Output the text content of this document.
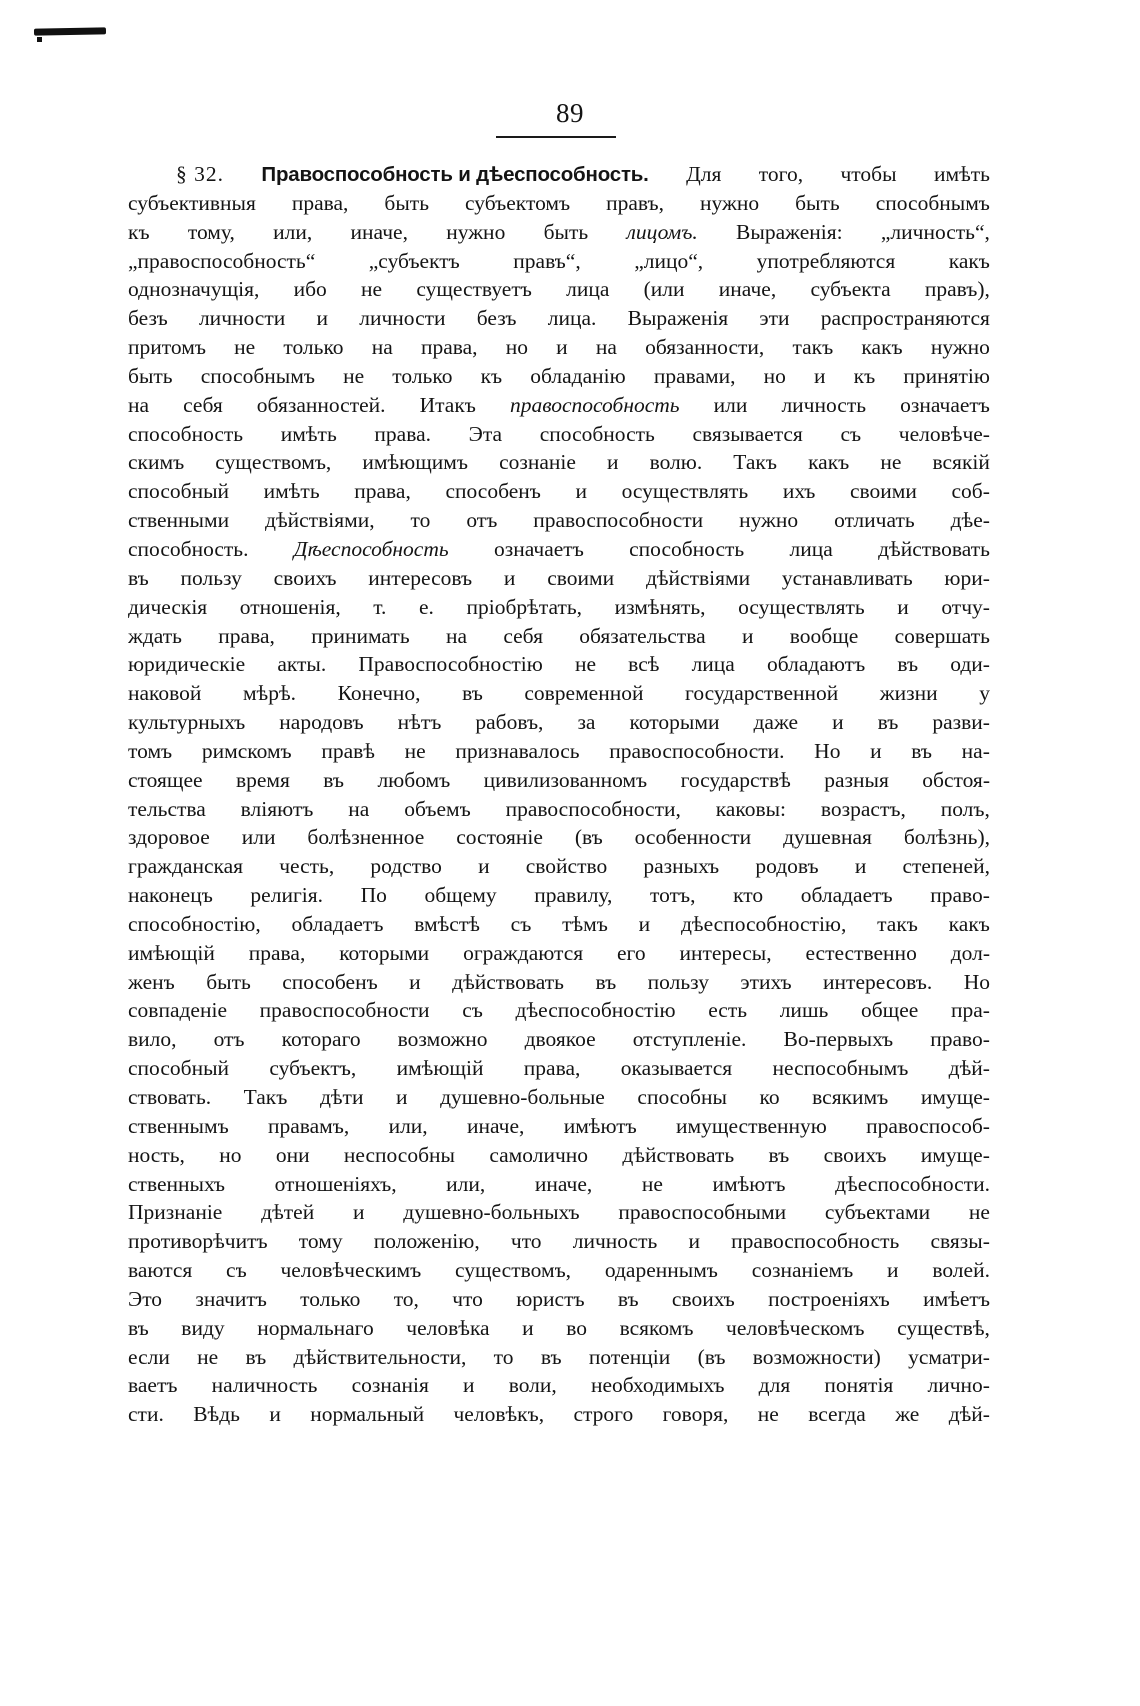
89
§ 32. Правоспособность и дѣеспособность. Для того, чтобы имѣть
субъективныя права, быть субъектомъ правъ, нужно быть способнымъ
къ тому, или, иначе, нужно быть лицомъ. Выраженія: „личность“,
„правоспособность“ „субъектъ правъ“, „лицо“, употребляются какъ
однозначущія, ибо не существуетъ лица (или иначе, субъекта правъ),
безъ личности и личности безъ лица. Выраженія эти распространяются
притомъ не только на права, но и на обязанности, такъ какъ нужно
быть способнымъ не только къ обладанію правами, но и къ принятію
на себя обязанностей. Итакъ правоспособность или личность означаетъ
способность имѣть права. Эта способность связывается съ человѣче-
скимъ существомъ, имѣющимъ сознаніе и волю. Такъ какъ не всякій
способный имѣть права, способенъ и осуществлять ихъ своими соб-
ственными дѣйствіями, то отъ правоспособности нужно отличать дѣе-
способность. Дѣеспособность означаетъ способность лица дѣйствовать
въ пользу своихъ интересовъ и своими дѣйствіями устанавливать юри-
дическія отношенія, т. е. пріобрѣтать, измѣнять, осуществлять и отчу-
ждать права, принимать на себя обязательства и вообще совершать
юридическіе акты. Правоспособностію не всѣ лица обладаютъ въ оди-
наковой мѣрѣ. Конечно, въ современной государственной жизни у
культурныхъ народовъ нѣтъ рабовъ, за которыми даже и въ разви-
томъ римскомъ правѣ не признавалось правоспособности. Но и въ на-
стоящее время въ любомъ цивилизованномъ государствѣ разныя обстоя-
тельства вліяютъ на объемъ правоспособности, каковы: возрастъ, полъ,
здоровое или болѣзненное состояніе (въ особенности душевная болѣзнь),
гражданская честь, родство и свойство разныхъ родовъ и степеней,
наконецъ религія. По общему правилу, тотъ, кто обладаетъ право-
способностію, обладаетъ вмѣстѣ съ тѣмъ и дѣеспособностію, такъ какъ
имѣющій права, которыми ограждаются его интересы, естественно дол-
женъ быть способенъ и дѣйствовать въ пользу этихъ интересовъ. Но
совпаденіе правоспособности съ дѣеспособностію есть лишь общее пра-
вило, отъ котораго возможно двоякое отступленіе. Во-первыхъ право-
способный субъектъ, имѣющій права, оказывается неспособнымъ дѣй-
ствовать. Такъ дѣти и душевно-больные способны ко всякимъ имуще-
ственнымъ правамъ, или, иначе, имѣютъ имущественную правоспособ-
ность, но они неспособны самолично дѣйствовать въ своихъ имуще-
ственныхъ отношеніяхъ, или, иначе, не имѣютъ дѣеспособности.
Признаніе дѣтей и душевно-больныхъ правоспособными субъектами не
противорѣчитъ тому положенію, что личность и правоспособность связы-
ваются съ человѣческимъ существомъ, одареннымъ сознаніемъ и волей.
Это значитъ только то, что юристъ въ своихъ построеніяхъ имѣетъ
въ виду нормальнаго человѣка и во всякомъ человѣческомъ существѣ,
если не въ дѣйствительности, то въ потенціи (въ возможности) усматри-
ваетъ наличность сознанія и воли, необходимыхъ для понятія лично-
сти. Вѣдь и нормальный человѣкъ, строго говоря, не всегда же дѣй-
